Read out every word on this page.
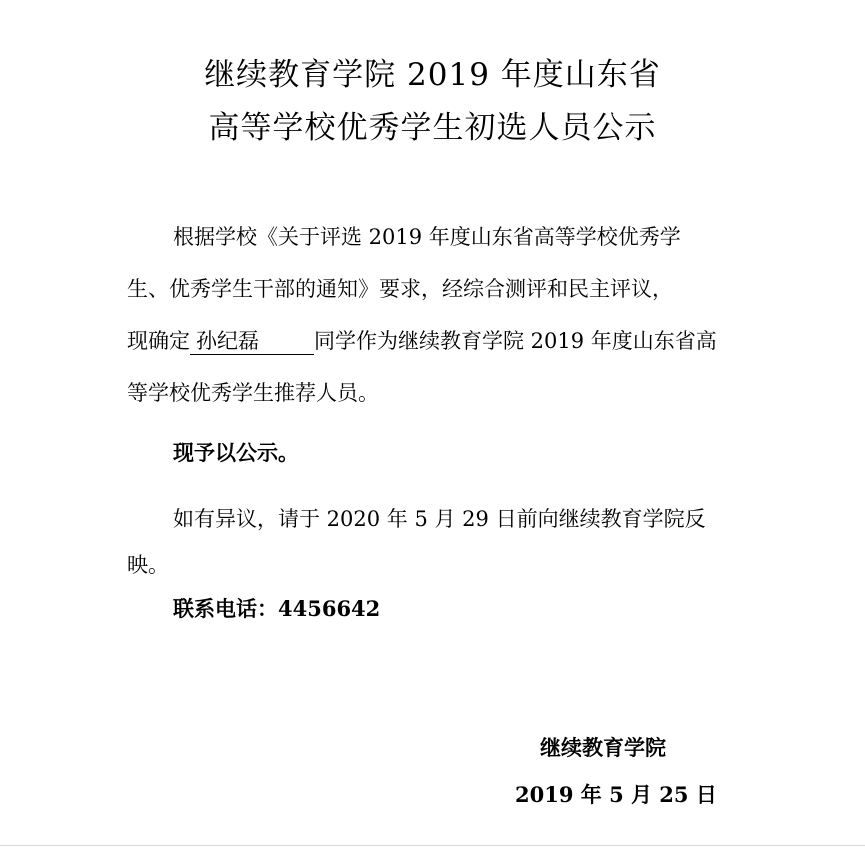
继续教育学院 2019 年度山东省
高等学校优秀学生初选人员公示
根据学校《关于评选 2019 年度山东省高等学校优秀学
生、优秀学生干部的通知》要求，经综合测评和民主评议，
现确定 孙纪磊	同学作为继续教育学院 2019 年度山东省高
等学校优秀学生推荐人员。
现予以公示。
如有异议，请于 2020 年 5 月 29 日前向继续教育学院反
映。
联系电话：4456642
继续教育学院
2019 年 5 月 25 日
